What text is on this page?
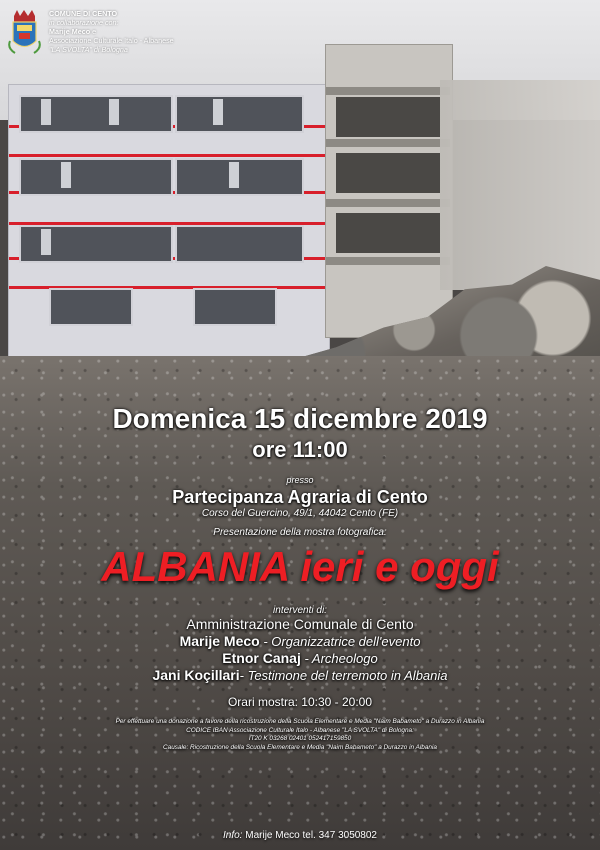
COMUNE DI CENTO
in collaborazione con:
Marije Meco e
Associazione Culturale Italo - Albanese
"LA SVOLTA" di Bologna
Domenica 15 dicembre 2019
ore 11:00
presso
Partecipanza Agraria di Cento
Corso del Guercino, 49/1, 44042 Cento (FE)
Presentazione della mostra fotografica:
ALBANIA ieri e oggi
interventi di:
Amministrazione Comunale di Cento
Marije Meco - Organizzatrice dell'evento
Etnor Canaj - Archeologo
Jani Koçillari- Testimone del terremoto in Albania
Orari mostra: 10:30 - 20:00
Per effettuare una donazione a favore della ricostruzione della Scuola Elementare e Media "Naim Babameto" a Durazzo in Albania
CODICE IBAN Associazione Culturale Italo - Albanese "LA SVOLTA" di Bologna:
IT20 K 03268 02401 052417159850
Causale: Ricostruzione della Scuola Elementare e Media "Naim Babameto" a Durazzo in Albania
Info: Marije Meco tel. 347 3050802
